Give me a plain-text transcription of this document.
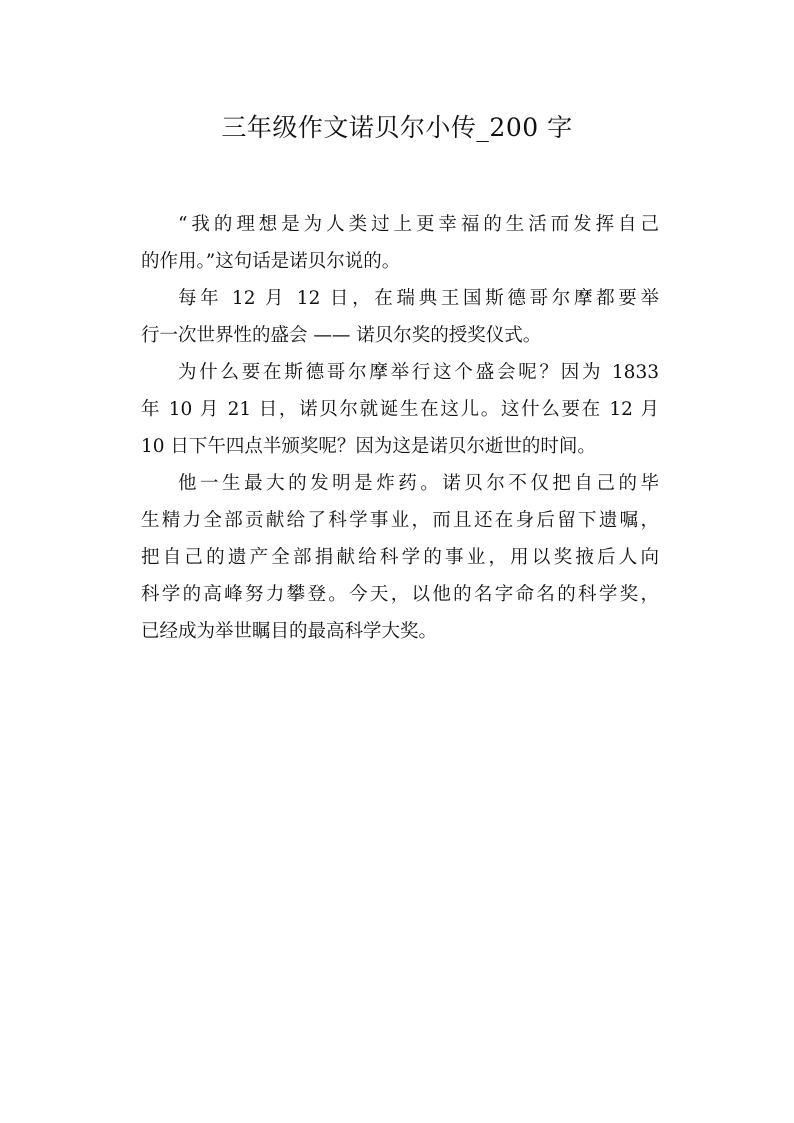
三年级作文诺贝尔小传_200 字
“我的理想是为人类过上更幸福的生活而发挥自己
的作用。”这句话是诺贝尔说的。
每年 12 月 12 日，在瑞典王国斯德哥尔摩都要举
行一次世界性的盛会 —— 诺贝尔奖的授奖仪式。
为什么要在斯德哥尔摩举行这个盛会呢？因为 1833
年 10 月 21 日，诺贝尔就诞生在这儿。这什么要在 12 月
10 日下午四点半颁奖呢？因为这是诺贝尔逝世的时间。
他一生最大的发明是炸药。诺贝尔不仅把自己的毕
生精力全部贡献给了科学事业，而且还在身后留下遗嘱，
把自己的遗产全部捐献给科学的事业，用以奖掖后人向
科学的高峰努力攀登。今天，以他的名字命名的科学奖，
已经成为举世瞩目的最高科学大奖。
